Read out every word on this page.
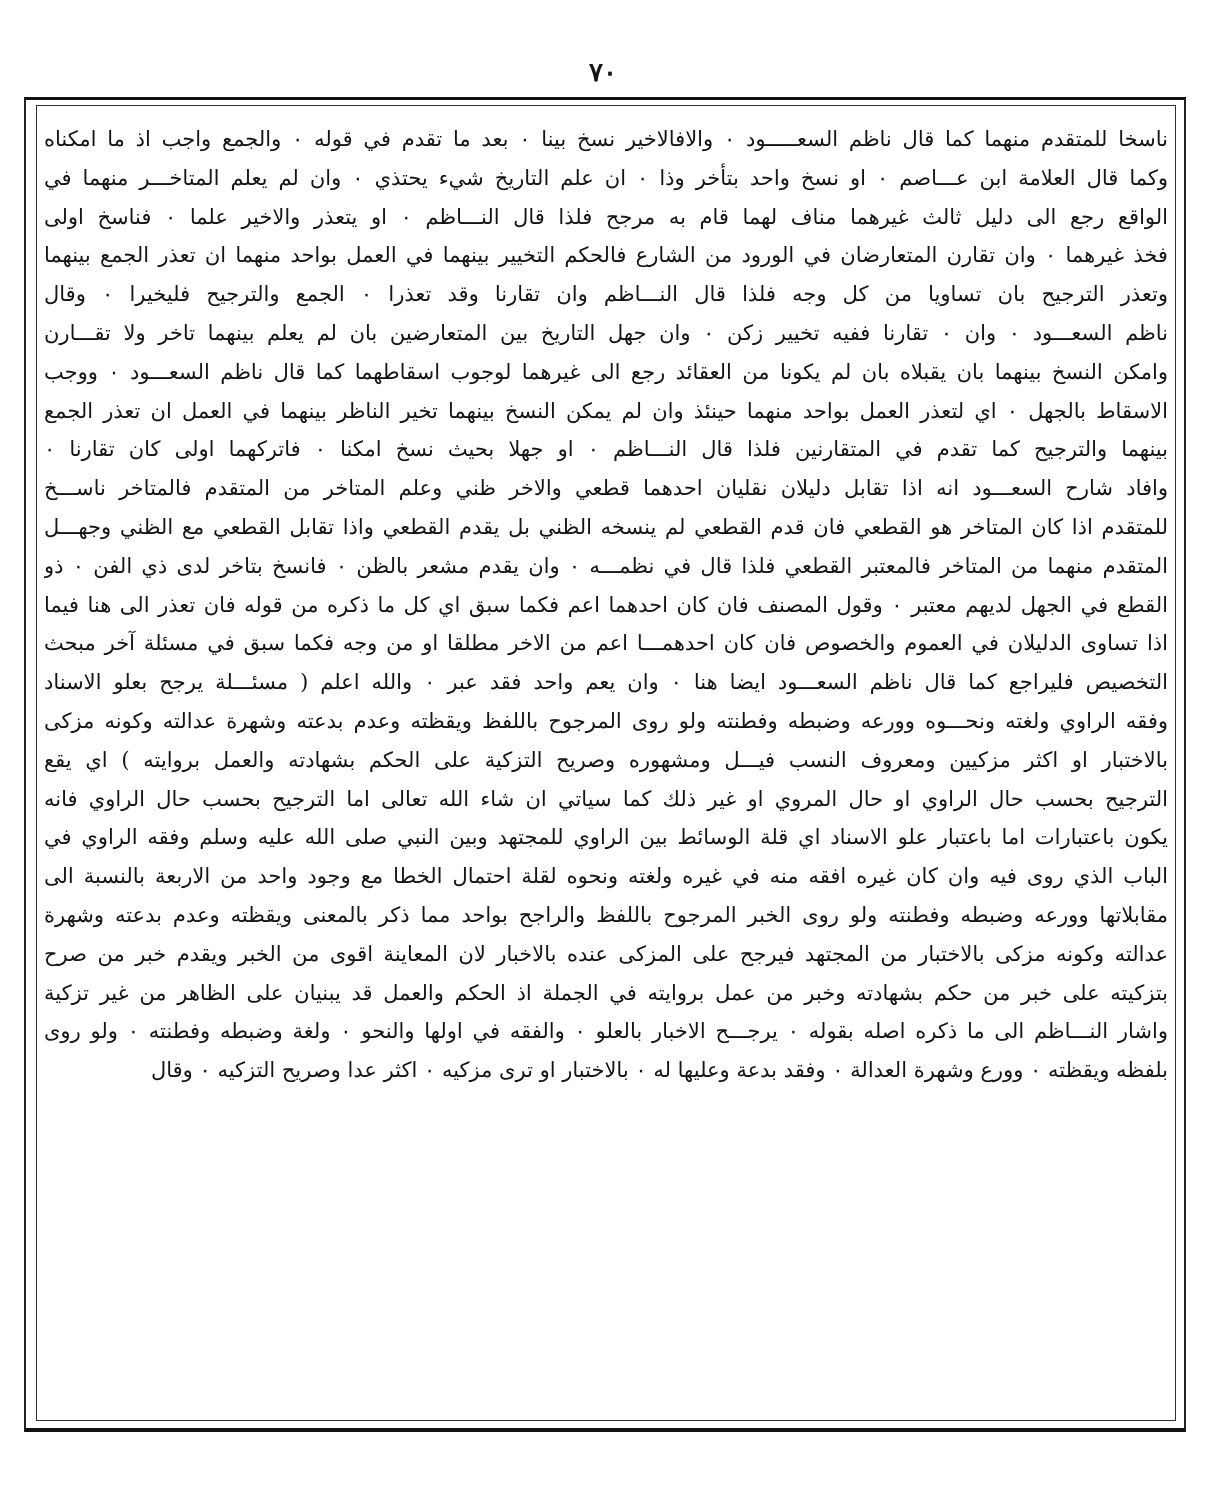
٧٠
ناسخا للمتقدم منهما كما قال ناظم السعـــــود ٠ والافالاخير نسخ بينا ٠ بعد ما تقدم في قوله ٠ والجمع واجب اذ ما امكناه
وكما قال العلامة ابن عـــاصم ٠ او نسخ واحد بتأخر وذا ٠ ان علم التاريخ شيء يحتذي ٠ وان لم يعلم المتاخـــر منهما في
الواقع رجع الى دليل ثالث غيرهما مناف لهما قام به مرجح فلذا قال النـــاظم ٠ او يتعذر والاخير علما ٠ فناسخ اولى
فخذ غيرهما ٠ وان تقارن المتعارضان في الورود من الشارع فالحكم التخيير بينهما في العمل بواحد منهما ان تعذر الجمع بينهما
وتعذر الترجيح بان تساويا من كل وجه فلذا قال النـــاظم وان تقارنا وقد تعذرا ٠ الجمع والترجيح فليخيرا ٠ وقال
ناظم السعـــود ٠ وان ٠ تقارنا ففيه تخيير زكن ٠ وان جهل التاريخ بين المتعارضين بان لم يعلم بينهما تاخر ولا تقـــارن
وامكن النسخ بينهما بان يقبلاه بان لم يكونا من العقائد رجع الى غيرهما لوجوب اسقاطهما كما قال ناظم السعـــود ٠ ووجب
الاسقاط بالجهل ٠ اي لتعذر العمل بواحد منهما حينئذ وان لم يمكن النسخ بينهما تخير الناظر بينهما في العمل ان تعذر الجمع
بينهما والترجيح كما تقدم في المتقارنين فلذا قال النـــاظم ٠ او جهلا بحيث نسخ امكنا ٠ فاتركهما اولى كان تقارنا ٠
وافاد شارح السعـــود انه اذا تقابل دليلان نقليان احدهما قطعي والاخر ظني وعلم المتاخر من المتقدم فالمتاخر ناســـخ
للمتقدم اذا كان المتاخر هو القطعي فان قدم القطعي لم ينسخه الظني بل يقدم القطعي واذا تقابل القطعي مع الظني وجهـــل
المتقدم منهما من المتاخر فالمعتبر القطعي فلذا قال في نظمـــه ٠ وان يقدم مشعر بالظن ٠ فانسخ بتاخر لدى ذي الفن ٠ ذو
القطع في الجهل لديهم معتبر ٠ وقول المصنف فان كان احدهما اعم فكما سبق اي كل ما ذكره من قوله فان تعذر الى هنا فيما
اذا تساوى الدليلان في العموم والخصوص فان كان احدهمـــا اعم من الاخر مطلقا او من وجه فكما سبق في مسئلة آخر مبحث
التخصيص فليراجع كما قال ناظم السعـــود ايضا هنا ٠ وان يعم واحد فقد عبر ٠ والله اعلم ( مسئـــلة يرجح بعلو الاسناد
وفقه الراوي ولغته ونحـــوه وورعه وضبطه وفطنته ولو روى المرجوح باللفظ ويقظته وعدم بدعته وشهرة عدالته وكونه مزكى
بالاختبار او اكثر مزكيين ومعروف النسب فيـــل ومشهوره وصريح التزكية على الحكم بشهادته والعمل بروايته ) اي يقع
الترجيح بحسب حال الراوي او حال المروي او غير ذلك كما سياتي ان شاء الله تعالى اما الترجيح بحسب حال الراوي فانه
يكون باعتبارات اما باعتبار علو الاسناد اي قلة الوسائط بين الراوي للمجتهد وبين النبي صلى الله عليه وسلم وفقه الراوي في
الباب الذي روى فيه وان كان غيره افقه منه في غيره ولغته ونحوه لقلة احتمال الخطا مع وجود واحد من الاربعة بالنسبة الى
مقابلاتها وورعه وضبطه وفطنته ولو روى الخبر المرجوح باللفظ والراجح بواحد مما ذكر بالمعنى ويقظته وعدم بدعته وشهرة
عدالته وكونه مزكى بالاختبار من المجتهد فيرجح على المزكى عنده بالاخبار لان المعاينة اقوى من الخبر ويقدم خبر من صرح
بتزكيته على خبر من حكم بشهادته وخبر من عمل بروايته في الجملة اذ الحكم والعمل قد يبنيان على الظاهر من غير تزكية
واشار النـــاظم الى ما ذكره اصله بقوله ٠ يرجـــح الاخبار بالعلو ٠ والفقه في اولها والنحو ٠ ولغة وضبطه وفطنته ٠ ولو روى
بلفظه ويقظته ٠ وورع وشهرة العدالة ٠ وفقد بدعة وعليها له ٠ بالاختبار او ترى مزكيه ٠ اكثر عدا وصريح التزكيه ٠ وقال
